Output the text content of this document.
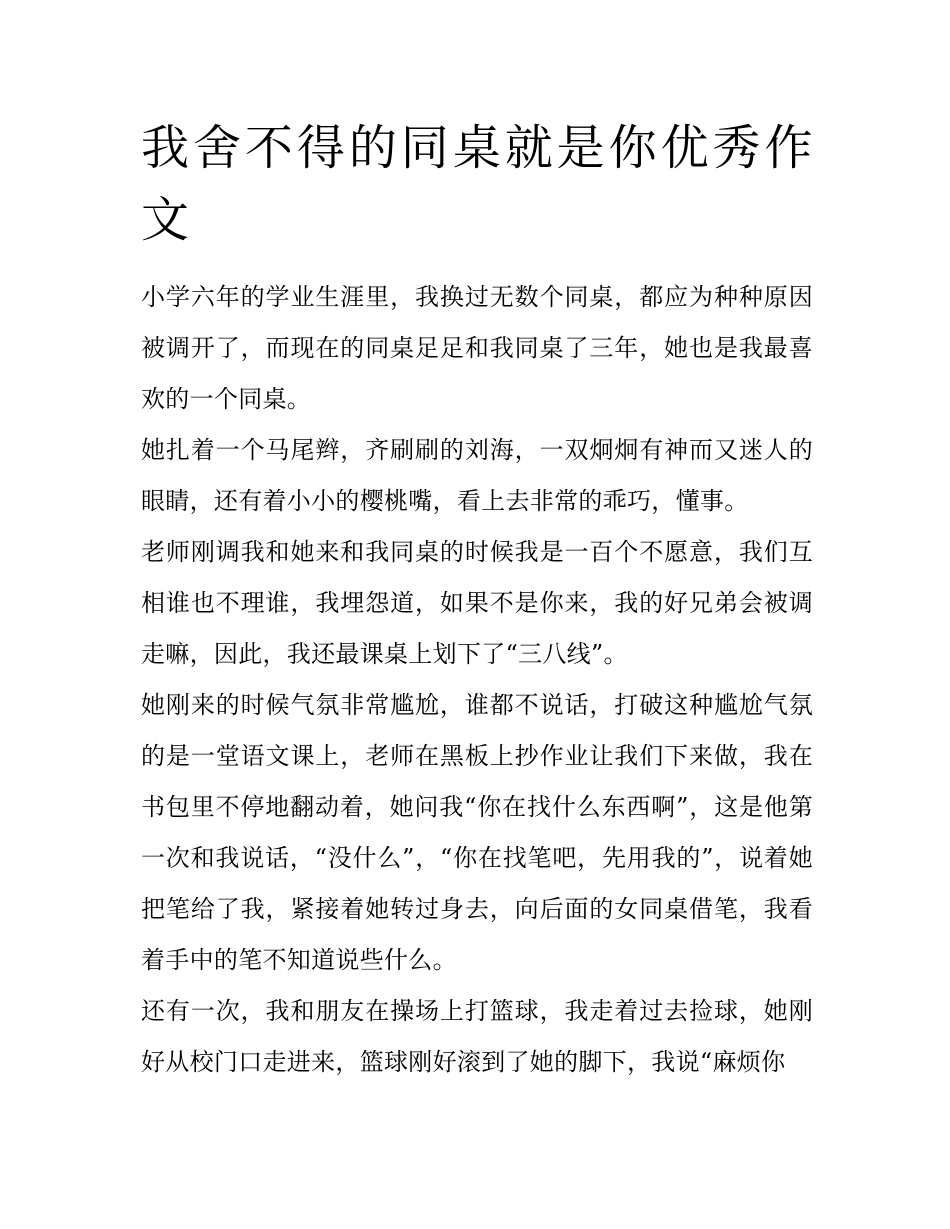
我舍不得的同桌就是你优秀作文

小学六年的学业生涯里，我换过无数个同桌，都应为种种原因被调开了，而现在的同桌足足和我同桌了三年，她也是我最喜欢的一个同桌。

她扎着一个马尾辫，齐刷刷的刘海，一双炯炯有神而又迷人的眼睛，还有着小小的樱桃嘴，看上去非常的乖巧，懂事。

老师刚调我和她来和我同桌的时候我是一百个不愿意，我们互相谁也不理谁，我埋怨道，如果不是你来，我的好兄弟会被调走嘛，因此，我还最课桌上划下了“三八线”。

她刚来的时候气氛非常尴尬，谁都不说话，打破这种尴尬气氛的是一堂语文课上，老师在黑板上抄作业让我们下来做，我在书包里不停地翻动着，她问我“你在找什么东西啊”，这是他第一次和我说话，“没什么”，“你在找笔吧，先用我的”，说着她把笔给了我，紧接着她转过身去，向后面的女同桌借笔，我看着手中的笔不知道说些什么。

还有一次，我和朋友在操场上打篮球，我走着过去捡球，她刚好从校门口走进来，篮球刚好滚到了她的脚下，我说“麻烦你
